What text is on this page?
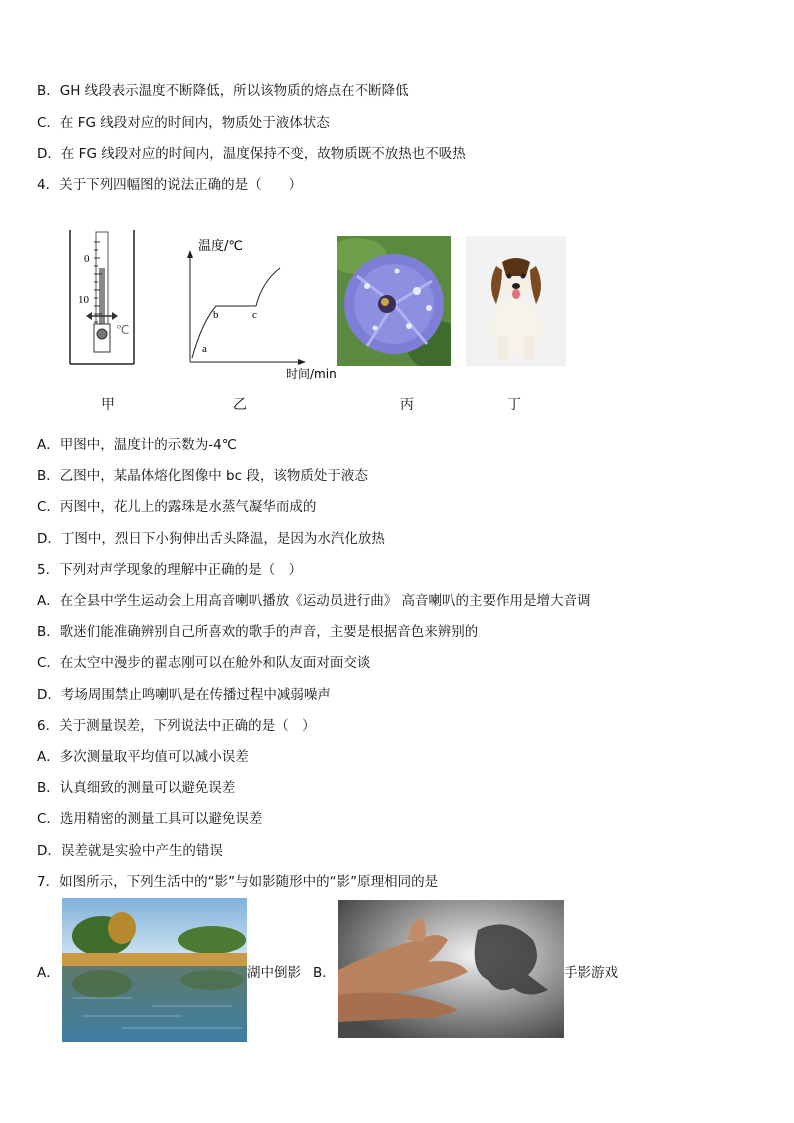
B．GH 线段表示温度不断降低，所以该物质的熔点在不断降低
C．在 FG 线段对应的时间内，物质处于液体状态
D．在 FG 线段对应的时间内，温度保持不变，故物质既不放热也不吸热
4．关于下列四幅图的说法正确的是（　　）
0
10
℃
温度/℃
时间/min
a
b	c
甲	乙	丙	丁
A．甲图中，温度计的示数为-4℃
B．乙图中，某晶体熔化图像中 bc 段，该物质处于液态
C．丙图中，花儿上的露珠是水蒸气凝华而成的
D．丁图中，烈日下小狗伸出舌头降温，是因为水汽化放热
5．下列对声学现象的理解中正确的是（　）
A．在全县中学生运动会上用高音喇叭播放《运动员进行曲》 高音喇叭的主要作用是增大音调
B．歌迷们能准确辨别自己所喜欢的歌手的声音，主要是根据音色来辨别的
C．在太空中漫步的翟志刚可以在舱外和队友面对面交谈
D．考场周围禁止鸣喇叭是在传播过程中减弱噪声
6．关于测量误差，下列说法中正确的是（　）
A．多次测量取平均值可以减小误差
B．认真细致的测量可以避免误差
C．选用精密的测量工具可以避免误差
D．误差就是实验中产生的错误
7．如图所示，下列生活中的“影”与如影随形中的“影”原理相同的是
A．	湖中倒影 B．	手影游戏
